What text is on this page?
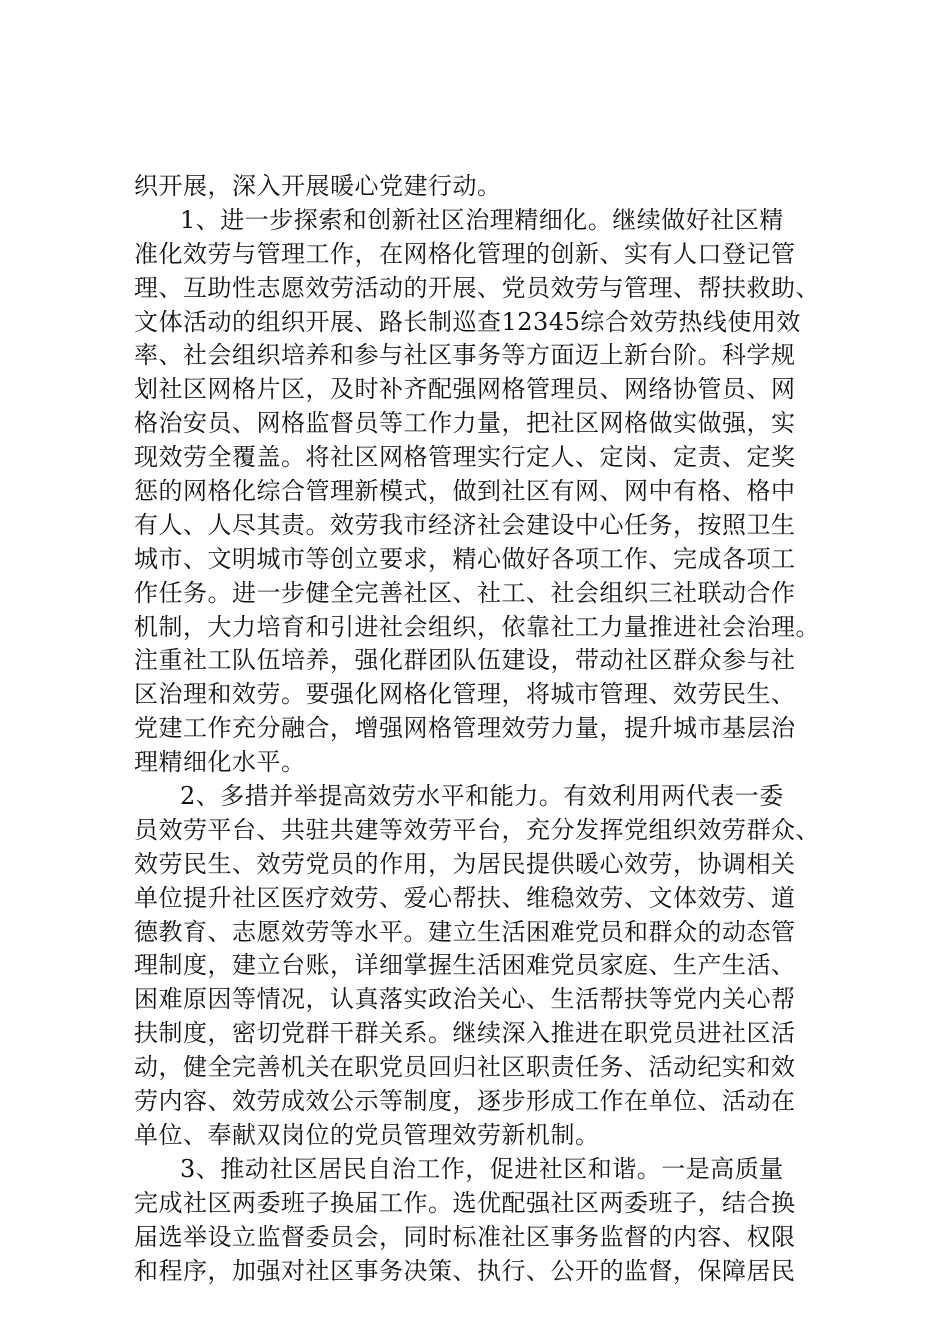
织开展，深入开展暖心党建行动。
1、进一步探索和创新社区治理精细化。继续做好社区精
准化效劳与管理工作，在网格化管理的创新、实有人口登记管
理、互助性志愿效劳活动的开展、党员效劳与管理、帮扶救助、
文体活动的组织开展、路长制巡查12345综合效劳热线使用效
率、社会组织培养和参与社区事务等方面迈上新台阶。科学规
划社区网格片区，及时补齐配强网格管理员、网络协管员、网
格治安员、网格监督员等工作力量，把社区网格做实做强，实
现效劳全覆盖。将社区网格管理实行定人、定岗、定责、定奖
惩的网格化综合管理新模式，做到社区有网、网中有格、格中
有人、人尽其责。效劳我市经济社会建设中心任务，按照卫生
城市、文明城市等创立要求，精心做好各项工作、完成各项工
作任务。进一步健全完善社区、社工、社会组织三社联动合作
机制，大力培育和引进社会组织，依靠社工力量推进社会治理。
注重社工队伍培养，强化群团队伍建设，带动社区群众参与社
区治理和效劳。要强化网格化管理，将城市管理、效劳民生、
党建工作充分融合，增强网格管理效劳力量，提升城市基层治
理精细化水平。
2、多措并举提高效劳水平和能力。有效利用两代表一委
员效劳平台、共驻共建等效劳平台，充分发挥党组织效劳群众、
效劳民生、效劳党员的作用，为居民提供暖心效劳，协调相关
单位提升社区医疗效劳、爱心帮扶、维稳效劳、文体效劳、道
德教育、志愿效劳等水平。建立生活困难党员和群众的动态管
理制度，建立台账，详细掌握生活困难党员家庭、生产生活、
困难原因等情况，认真落实政治关心、生活帮扶等党内关心帮
扶制度，密切党群干群关系。继续深入推进在职党员进社区活
动，健全完善机关在职党员回归社区职责任务、活动纪实和效
劳内容、效劳成效公示等制度，逐步形成工作在单位、活动在
单位、奉献双岗位的党员管理效劳新机制。
3、推动社区居民自治工作，促进社区和谐。一是高质量
完成社区两委班子换届工作。选优配强社区两委班子，结合换
届选举设立监督委员会，同时标准社区事务监督的内容、权限
和程序，加强对社区事务决策、执行、公开的监督，保障居民
